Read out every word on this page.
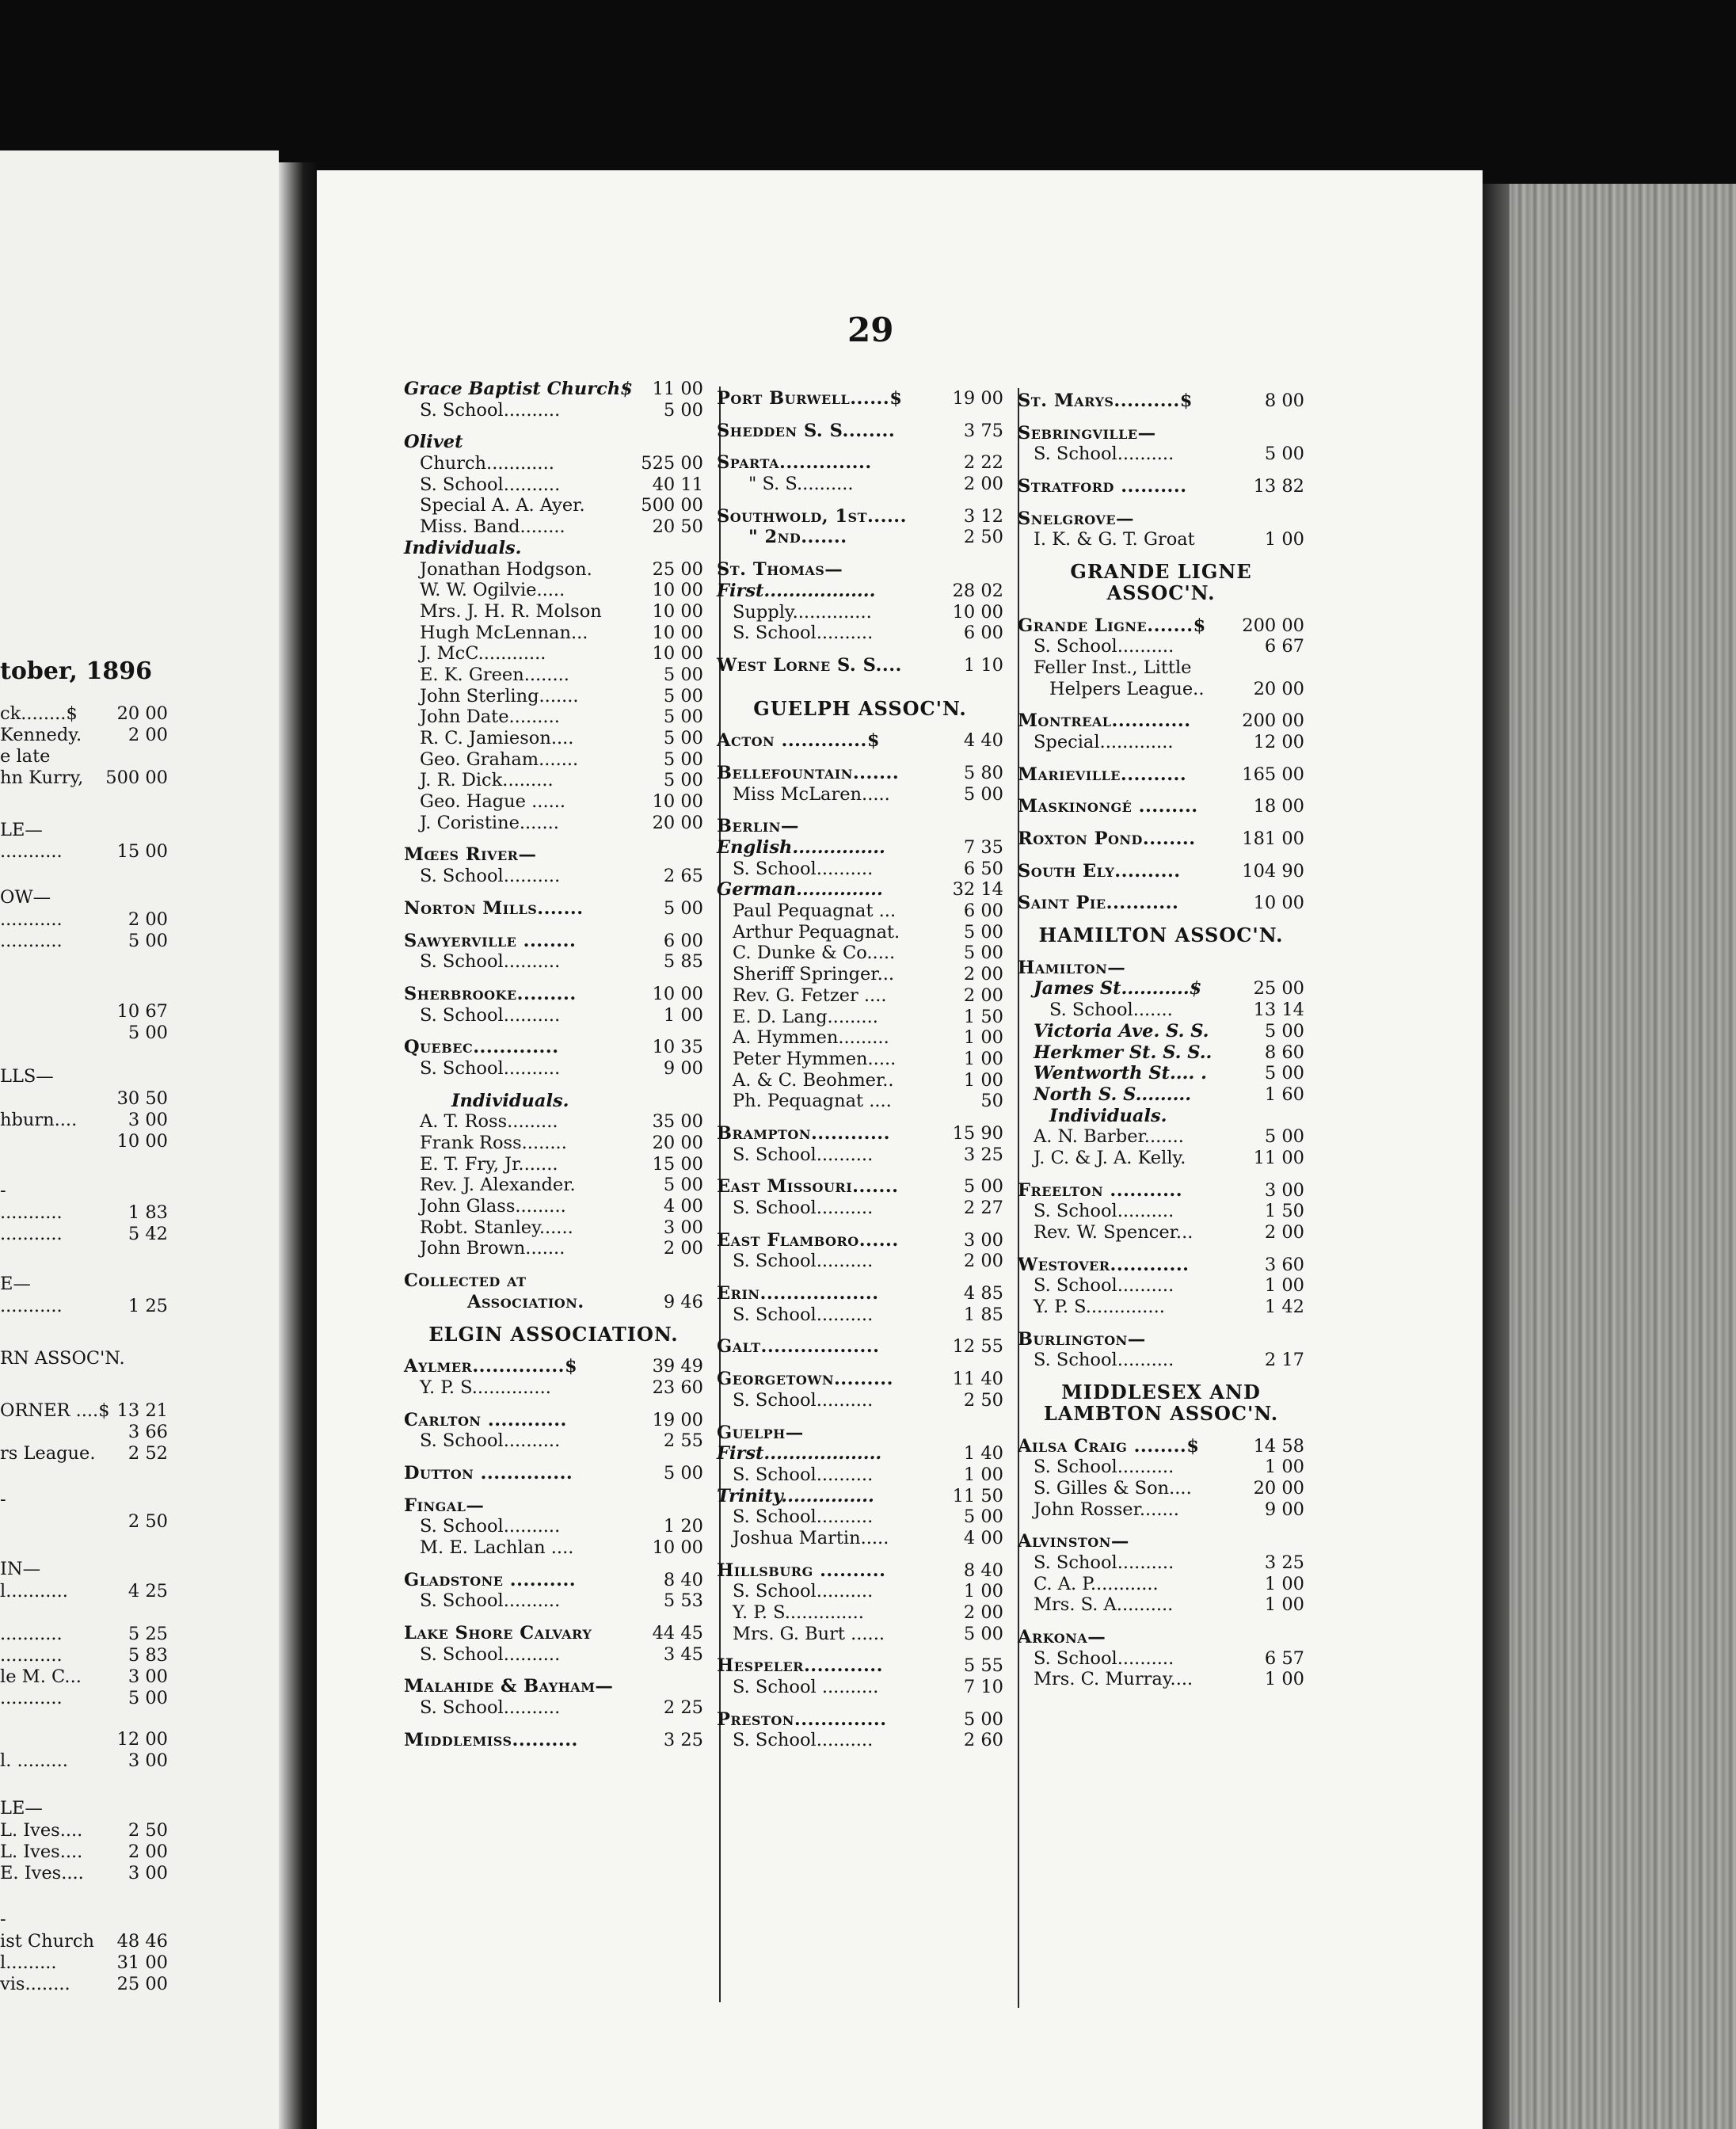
tober, 1896
ck........$ 20 00
Kennedy.	2 00
e late
hn Kurry, 500 00
LE—
...........	15 00
OW—
...........	2 00
...........	5 00
10 67
5 00
LLS—
30 50
hburn....	3 00
10 00
-
...........	1 83
...........	5 42
E—
...........	1 25
RN ASSOC'N.
ORNER ....$ 13 21
3 66
rs League. 2 52
-
2 50
IN—
l...........	4 25
...........	5 25
...........	5 83
le M. C...	3 00
...........	5 00
12 00
l. .........	3 00
LE—
L. Ives....	2 50
L. Ives....	2 00
E. Ives.... 3 00
-
ist Church 48 46
l.........	31 00
vis........	25 00
29
Grace Baptist Church$ 11 00
S. School..........	5 00
Olivet
Church............	525 00
S. School..........	40 11
Special A. A. Ayer.	500 00
Miss. Band........	20 50
Individuals.
Jonathan Hodgson.	25 00
W. W. Ogilvie.....	10 00
Mrs. J. H. R. Molson	10 00
Hugh McLennan...	10 00
J. McC............	10 00
E. K. Green........	5 00
John Sterling.......	5 00
John Date.........	5 00
R. C. Jamieson....	5 00
Geo. Graham.......	5 00
J. R. Dick.........	5 00
Geo. Hague ......	10 00
J. Coristine.......	20 00
Mœes River—
S. School..........	2 65
Norton Mills.......	5 00
Sawyerville ........	6 00
S. School..........	5 85
Sherbrooke.........	10 00
S. School..........	1 00
Quebec.............	10 35
S. School..........	9 00
Individuals.
A. T. Ross.........	35 00
Frank Ross........	20 00
E. T. Fry, Jr.......	15 00
Rev. J. Alexander.	5 00
John Glass.........	4 00
Robt. Stanley......	3 00
John Brown.......	2 00
Collected at
Association.	9 46
ELGIN ASSOCIATION.
Aylmer..............$	39 49
Y. P. S..............	23 60
Carlton ............	19 00
S. School..........	2 55
Dutton ..............	5 00
Fingal—
S. School..........	1 20
M. E. Lachlan ....	10 00
Gladstone ..........	8 40
S. School..........	5 53
Lake Shore Calvary	44 45
S. School..........	3 45
Malahide & Bayham—
S. School..........	2 25
Middlemiss..........	3 25
Port Burwell......$	19 00
Shedden S. S........	3 75
Sparta..............	2 22
" S. S..........	2 00
Southwold, 1st......	3 12
" 2nd.......	2 50
St. Thomas—
First..................	28 02
Supply..............	10 00
S. School..........	6 00
West Lorne S. S....	1 10
GUELPH ASSOC'N.
Acton .............$	4 40
Bellefountain.......	5 80
Miss McLaren.....	5 00
Berlin—
English...............	7 35
S. School..........	6 50
German..............	32 14
Paul Pequagnat ...	6 00
Arthur Pequagnat.	5 00
C. Dunke & Co.....	5 00
Sheriff Springer...	2 00
Rev. G. Fetzer ....	2 00
E. D. Lang.........	1 50
A. Hymmen.........	1 00
Peter Hymmen.....	1 00
A. & C. Beohmer..	1 00
Ph. Pequagnat ....	50
Brampton............	15 90
S. School..........	3 25
East Missouri.......	5 00
S. School..........	2 27
East Flamboro......	3 00
S. School..........	2 00
Erin..................	4 85
S. School..........	1 85
Galt..................	12 55
Georgetown.........	11 40
S. School..........	2 50
Guelph—
First...................	1 40
S. School..........	1 00
Trinity...............	11 50
S. School..........	5 00
Joshua Martin.....	4 00
Hillsburg ..........	8 40
S. School..........	1 00
Y. P. S..............	2 00
Mrs. G. Burt ......	5 00
Hespeler............	5 55
S. School ..........	7 10
Preston..............	5 00
S. School..........	2 60
St. Marys..........$	8 00
Sebringville—
S. School..........	5 00
Stratford ..........	13 82
Snelgrove—
I. K. & G. T. Groat	1 00
GRANDE LIGNE
ASSOC'N.
Grande Ligne.......$ 200 00
S. School..........	6 67
Feller Inst., Little
Helpers League..	20 00
Montreal............	200 00
Special.............	12 00
Marieville..........	165 00
Maskinongé .........	18 00
Roxton Pond........	181 00
South Ely..........	104 90
Saint Pie...........	10 00
HAMILTON ASSOC'N.
Hamilton—
James St...........$	25 00
S. School.......	13 14
Victoria Ave. S. S.	5 00
Herkmer St. S. S..	8 60
Wentworth St.... .	5 00
North S. S.........	1 60
Individuals.
A. N. Barber.......	5 00
J. C. & J. A. Kelly.	11 00
Freelton ...........	3 00
S. School..........	1 50
Rev. W. Spencer...	2 00
Westover............	3 60
S. School..........	1 00
Y. P. S..............	1 42
Burlington—
S. School..........	2 17
MIDDLESEX AND
LAMBTON ASSOC'N.
Ailsa Craig ........$	14 58
S. School..........	1 00
S. Gilles & Son....	20 00
John Rosser.......	9 00
Alvinston—
S. School..........	3 25
C. A. P............	1 00
Mrs. S. A..........	1 00
Arkona—
S. School..........	6 57
Mrs. C. Murray....	1 00
